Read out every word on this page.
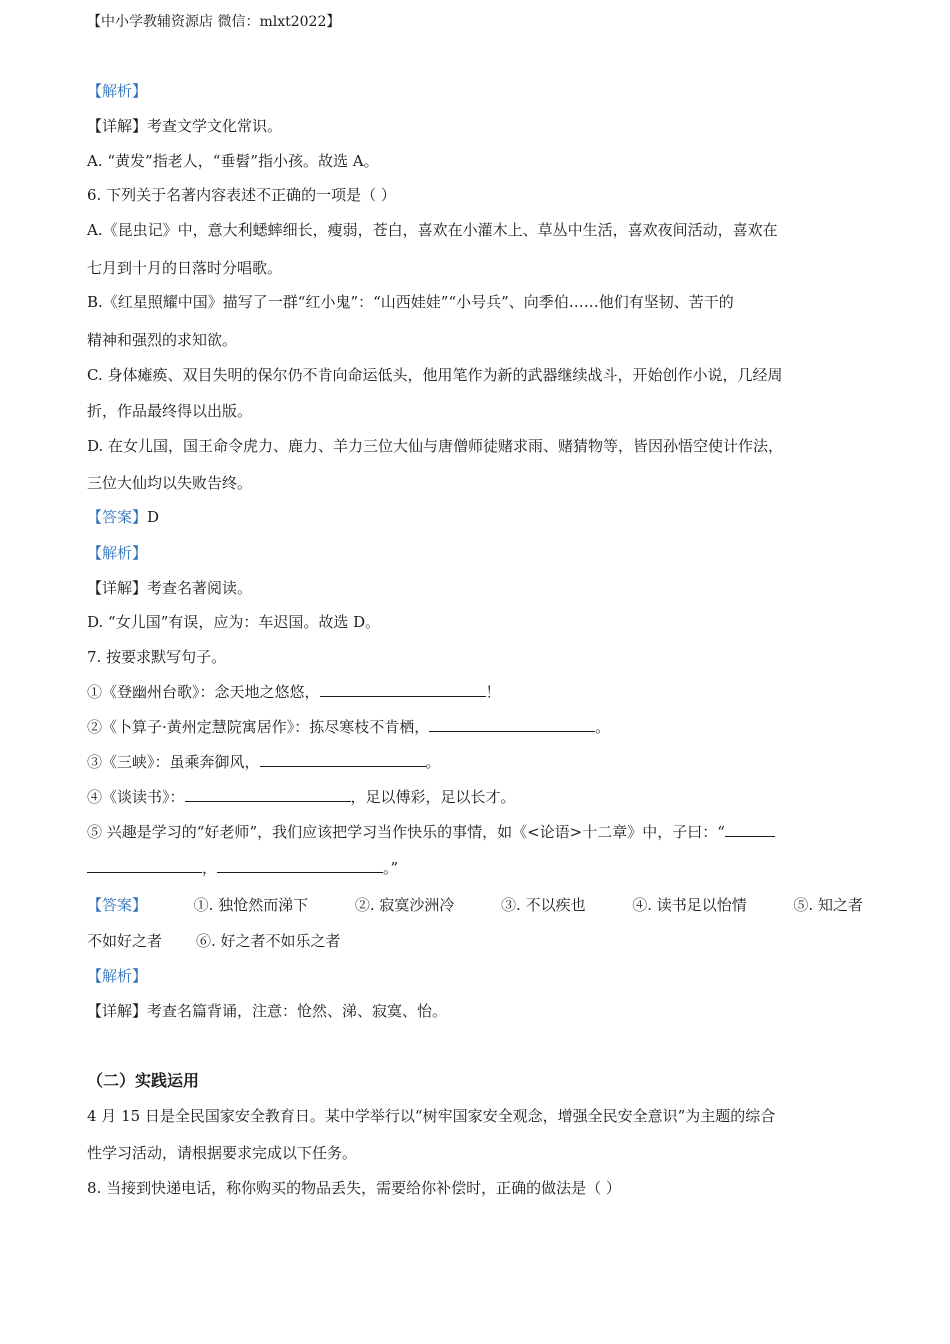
【中小学教辅资源店 微信：mlxt2022】
【解析】
【详解】考查文学文化常识。
A. “黄发”指老人，“垂髫”指小孩。故选 A。
6. 下列关于名著内容表述不正确的一项是（ ）
A.《昆虫记》中，意大利蟋蟀细长，瘦弱，苍白，喜欢在小灌木上、草丛中生活，喜欢夜间活动，喜欢在
七月到十月的日落时分唱歌。
B.《红星照耀中国》描写了一群“红小鬼”：“山西娃娃”“小号兵”、向季伯……他们有坚韧、苦干的
精神和强烈的求知欲。
C. 身体瘫痪、双目失明的保尔仍不肯向命运低头，他用笔作为新的武器继续战斗，开始创作小说，几经周
折，作品最终得以出版。
D. 在女儿国，国王命令虎力、鹿力、羊力三位大仙与唐僧师徒赌求雨、赌猜物等，皆因孙悟空使计作法，
三位大仙均以失败告终。
【答案】D
【解析】
【详解】考查名著阅读。
D. “女儿国”有误，应为：车迟国。故选 D。
7. 按要求默写句子。
①《登幽州台歌》：念天地之悠悠，	！
②《卜算子·黄州定慧院寓居作》：拣尽寒枝不肯栖，	。
③《三峡》：虽乘奔御风，	。
④《谈读书》：	，足以傅彩，足以长才。
⑤ 兴趣是学习的“好老师”，我们应该把学习当作快乐的事情，如《<论语>十二章》中，子曰：“
，	。”
【答案】	①. 独怆然而涕下	②. 寂寞沙洲冷	③. 不以疾也	④. 读书足以怡情	⑤. 知之者
不如好之者 ⑥. 好之者不如乐之者
【解析】
【详解】考查名篇背诵，注意：怆然、涕、寂寞、怡。
（二）实践运用
4 月 15 日是全民国家安全教育日。某中学举行以“树牢国家安全观念，增强全民安全意识”为主题的综合
性学习活动，请根据要求完成以下任务。
8. 当接到快递电话，称你购买的物品丢失，需要给你补偿时，正确的做法是（ ）
